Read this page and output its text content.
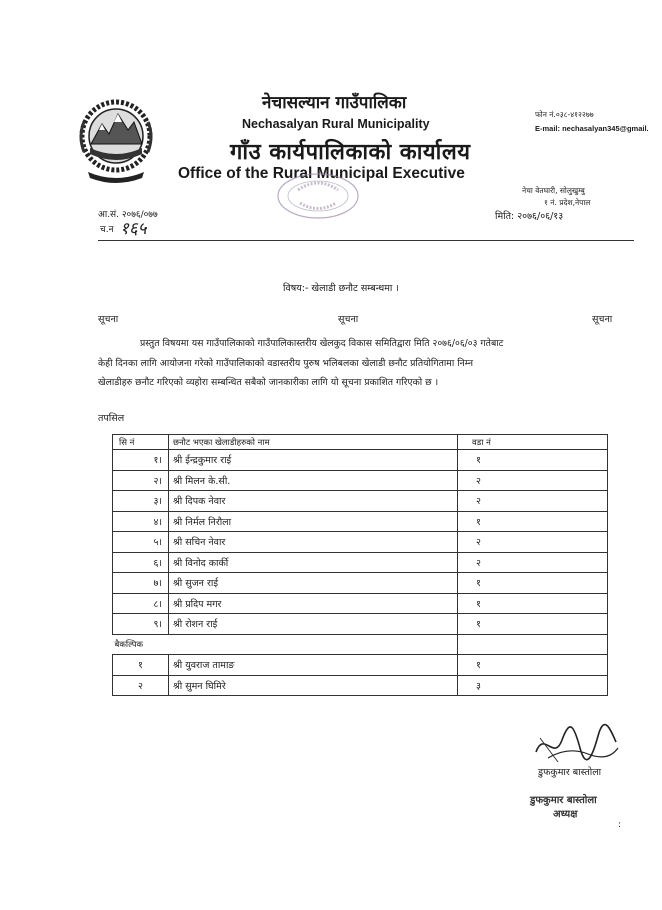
नेचासल्यान गाउँपालिका
Nechasalyan Rural Municipality
गाँउ कार्यपालिकाको कार्यालय
Office of the Rural Municipal Executive
फोन नं.०३८-४१२२७७
E-mail: nechasalyan345@gmail.
नेचा वेतघारी, सोलुखुम्बु
१ नं. प्रदेश,नेपाल
आ.सं. २०७६/०७७
च.न १६५
मिति: २०७६/०६/१३
विषय:- खेलाडी छनौट सम्बन्धमा ।
सूचना	सूचना	सूचना
प्रस्तुत विषयमा यस गाउँपालिकाको गाउँपालिकास्तरीय खेलकुद विकास समितिद्वारा मिति २०७६/०६/०३ गतेबाट
केही दिनका लागि आयोजना गरेको गाउँपालिकाको वडास्तरीय पुरुष भलिबलका खेलाडी छनौट प्रतियोगितामा निम्न
खेलाडीहरु छनौट गरिएको व्यहोरा सम्बन्धित सबैको जानकारीका लागि यो सूचना प्रकाशित गरिएको छ ।
तपसिल
सि नं	छनौट भएका खेलाडीहरुको नाम	वडा नं
१।	श्री ईन्द्रकुमार राई	१
२।	श्री मिलन के.सी.	२
३।	श्री दिपक नेवार	२
४।	श्री निर्मल निरौला	१
५।	श्री सचिन नेवार	२
६।	श्री विनोद कार्की	२
७।	श्री सुजन राई	१
८।	श्री प्रदिप मगर	१
९।	श्री रोशन राई	१
बैकल्पिक		
१	श्री युवराज तामाङ	१
२	श्री सुमन घिमिरे	३
डुफकुमार बास्तोला
डुफकुमार बास्तोला
अध्यक्ष
:
